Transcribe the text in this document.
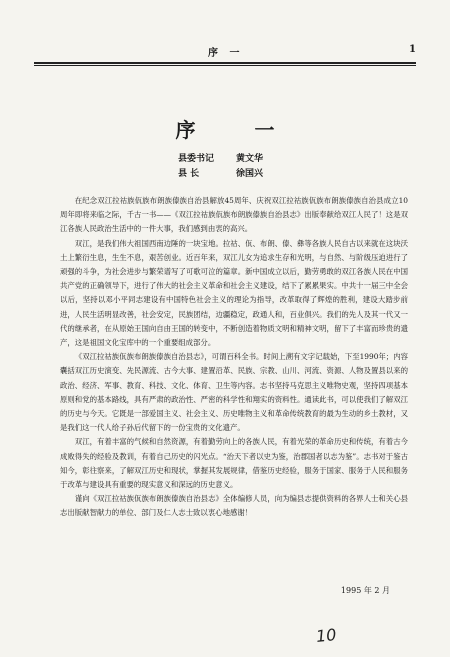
序 一	1
序 一
县委书记 黄文华
县 长	徐国兴

在纪念双江拉祜族佤族布朗族傣族自治县解放45周年、庆祝双江拉祜族佤族布朗族傣族自治县成立10周年即将来临之际，千古一书——《双江拉祜族佤族布朗族傣族自治县志》出版奉献给双江人民了！这是双江各族人民政治生活中的一件大事，我们感到由衷的高兴。

双江，是我们伟大祖国西南边陲的一块宝地。拉祜、佤、布朗、傣、彝等各族人民自古以来就在这块沃土上繁衍生息，生生不息，艰苦创业。近百年来，双江儿女为追求生存和光明，与自然、与阶级压迫进行了顽强的斗争，为社会进步与繁荣谱写了可歌可泣的篇章。新中国成立以后，勤劳勇敢的双江各族人民在中国共产党的正确领导下，进行了伟大的社会主义革命和社会主义建设，结下了累累果实。中共十一届三中全会以后，坚持以邓小平同志建设有中国特色社会主义的理论为指导，改革取得了辉煌的胜利，建设大踏步前进，人民生活明显改善，社会安定，民族团结，边疆稳定，政通人和，百业俱兴。我们的先人及其一代又一代的继承者，在从原始王国向自由王国的转变中，不断创造着物质文明和精神文明，留下了丰富而珍贵的遗产，这是祖国文化宝库中的一个重要组成部分。

《双江拉祜族佤族布朗族傣族自治县志》，可谓百科全书。时间上溯有文字记载始，下至1990年；内容囊括双江历史演变、先民源流、古今大事、建置沿革、民族、宗教、山川、河流、资源、人物及置县以来的政治、经济、军事、教育、科技、文化、体育、卫生等内容。志书坚持马克思主义唯物史观，坚持四项基本原则和党的基本路线，具有严肃的政治性、严密的科学性和翔实的资料性。通读此书，可以使我们了解双江的历史与今天。它既是一部爱国主义、社会主义、历史唯物主义和革命传统教育的最为生动的乡土教材，又是我们这一代人给子孙后代留下的一份宝贵的文化遗产。

双江，有着丰富的气候和自然资源，有着勤劳向上的各族人民，有着光荣的革命历史和传统，有着古今成败得失的经验及教训，有着自己历史的闪光点。“治天下者以史为鉴，治郡国者以志为鉴”。志书对于鉴古知今，彰往察来，了解双江历史和现状，掌握其发展规律，借鉴历史经验，服务于国家、服务于人民和服务于改革与建设具有重要的现实意义和深远的历史意义。

谨向《双江拉祜族佤族布朗族傣族自治县志》全体编修人员，向为编县志提供资料的各界人士和关心县志出版献智献力的单位、部门及仁人志士致以衷心地感谢！

1995 年 2 月
10
